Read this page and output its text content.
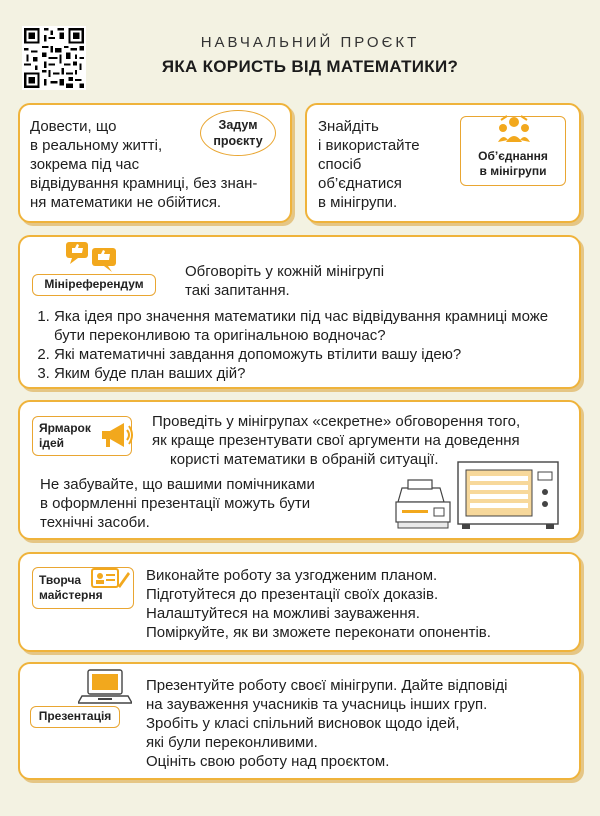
НАВЧАЛЬНИЙ ПРОЄКТ
ЯКА КОРИСТЬ ВІД МАТЕМАТИКИ?
Довести, що
в реальному житті,
зокрема під час
відвідування крамниці, без знан-
ня математики не обійтися.
Задум
проєкту
Знайдіть
і використайте
спосіб
об’єднатися
в мінігрупи.
Об’єднання
в мінігрупи
Мініреферендум
Обговоріть у кожній мінігрупі
такі запитання.
1. Яка ідея про значення математики під час відвідування крамниці може бути переконливою та оригінальною водночас?
2. Які математичні завдання допоможуть втілити вашу ідею?
3. Яким буде план ваших дій?
Ярмарок
ідей
Проведіть у мінігрупах «секретне» обговорення того,
як краще презентувати свої аргументи на доведення
користі математики в обраній ситуації.
Не забувайте, що вашими помічниками
в оформленні презентації можуть бути
технічні засоби.
Творча
майстерня
Виконайте роботу за узгодженим планом.
Підготуйтеся до презентації своїх доказів.
Налаштуйтеся на можливі зауваження.
Поміркуйте, як ви зможете переконати опонентів.
Презентація
Презентуйте роботу своєї мінігрупи. Дайте відповіді
на зауваження учасників та учасниць інших груп.
Зробіть у класі спільний висновок щодо ідей,
які були переконливими.
Оцініть свою роботу над проєктом.
